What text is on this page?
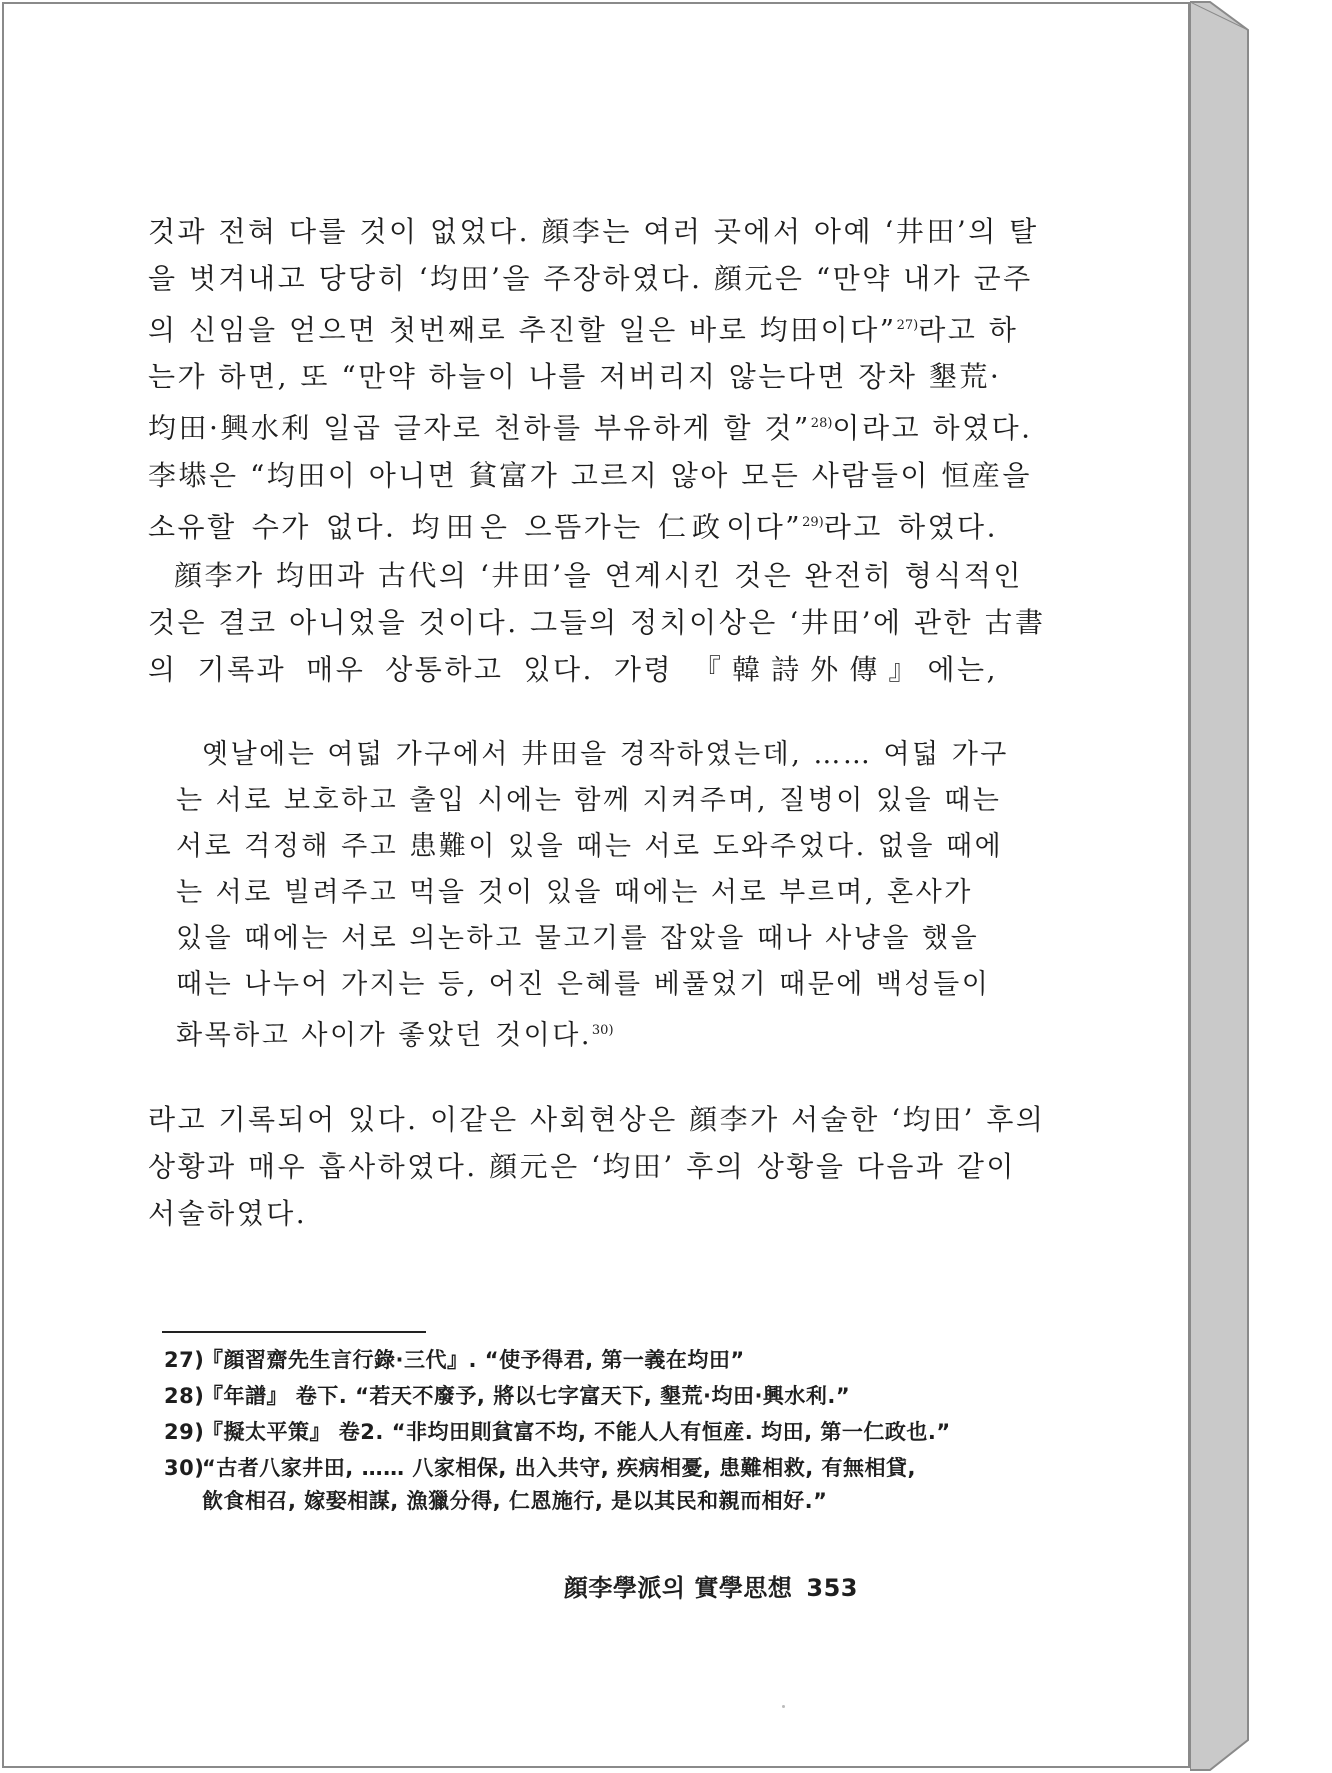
것과 전혀 다를 것이 없었다. 顔李는 여러 곳에서 아예 ‘井田’의 탈
을 벗겨내고 당당히 ‘均田’을 주장하였다. 顔元은 “만약 내가 군주
의 신임을 얻으면 첫번째로 추진할 일은 바로 均田이다”$^{27)}$라고 하
는가 하면, 또 “만약 하늘이 나를 저버리지 않는다면 장차 墾荒·
均田·興水利 일곱 글자로 천하를 부유하게 할 것”$^{28)}$이라고 하였다.
李塨은 “均田이 아니면 貧富가 고르지 않아 모든 사람들이 恒産을
소유할 수가 없다. 均田은 으뜸가는 仁政이다”$^{29)}$라고 하였다.
顔李가 均田과 古代의 ‘井田’을 연계시킨 것은 완전히 형식적인
것은 결코 아니었을 것이다. 그들의 정치이상은 ‘井田’에 관한 古書
의 기록과 매우 상통하고 있다. 가령 『韓詩外傳』에는,
옛날에는 여덟 가구에서 井田을 경작하였는데, …… 여덟 가구
는 서로 보호하고 출입 시에는 함께 지켜주며, 질병이 있을 때는
서로 걱정해 주고 患難이 있을 때는 서로 도와주었다. 없을 때에
는 서로 빌려주고 먹을 것이 있을 때에는 서로 부르며, 혼사가
있을 때에는 서로 의논하고 물고기를 잡았을 때나 사냥을 했을
때는 나누어 가지는 등, 어진 은혜를 베풀었기 때문에 백성들이
화목하고 사이가 좋았던 것이다.$^{30)}$
라고 기록되어 있다. 이같은 사회현상은 顔李가 서술한 ‘均田’ 후의
상황과 매우 흡사하였다. 顔元은 ‘均田’ 후의 상황을 다음과 같이
서술하였다.
27)『顔習齋先生言行錄·三代』. “使予得君, 第一義在均田”
28)『年譜』 卷下. “若天不廢予, 將以七字富天下, 墾荒·均田·興水利.”
29)『擬太平策』 卷2. “非均田則貧富不均, 不能人人有恒産. 均田, 第一仁政也.”
30)“古者八家井田, …… 八家相保, 出入共守, 疾病相憂, 患難相救, 有無相貸,
飮食相召, 嫁娶相謀, 漁獵分得, 仁恩施行, 是以其民和親而相好.”
顔李學派의 實學思想 353
